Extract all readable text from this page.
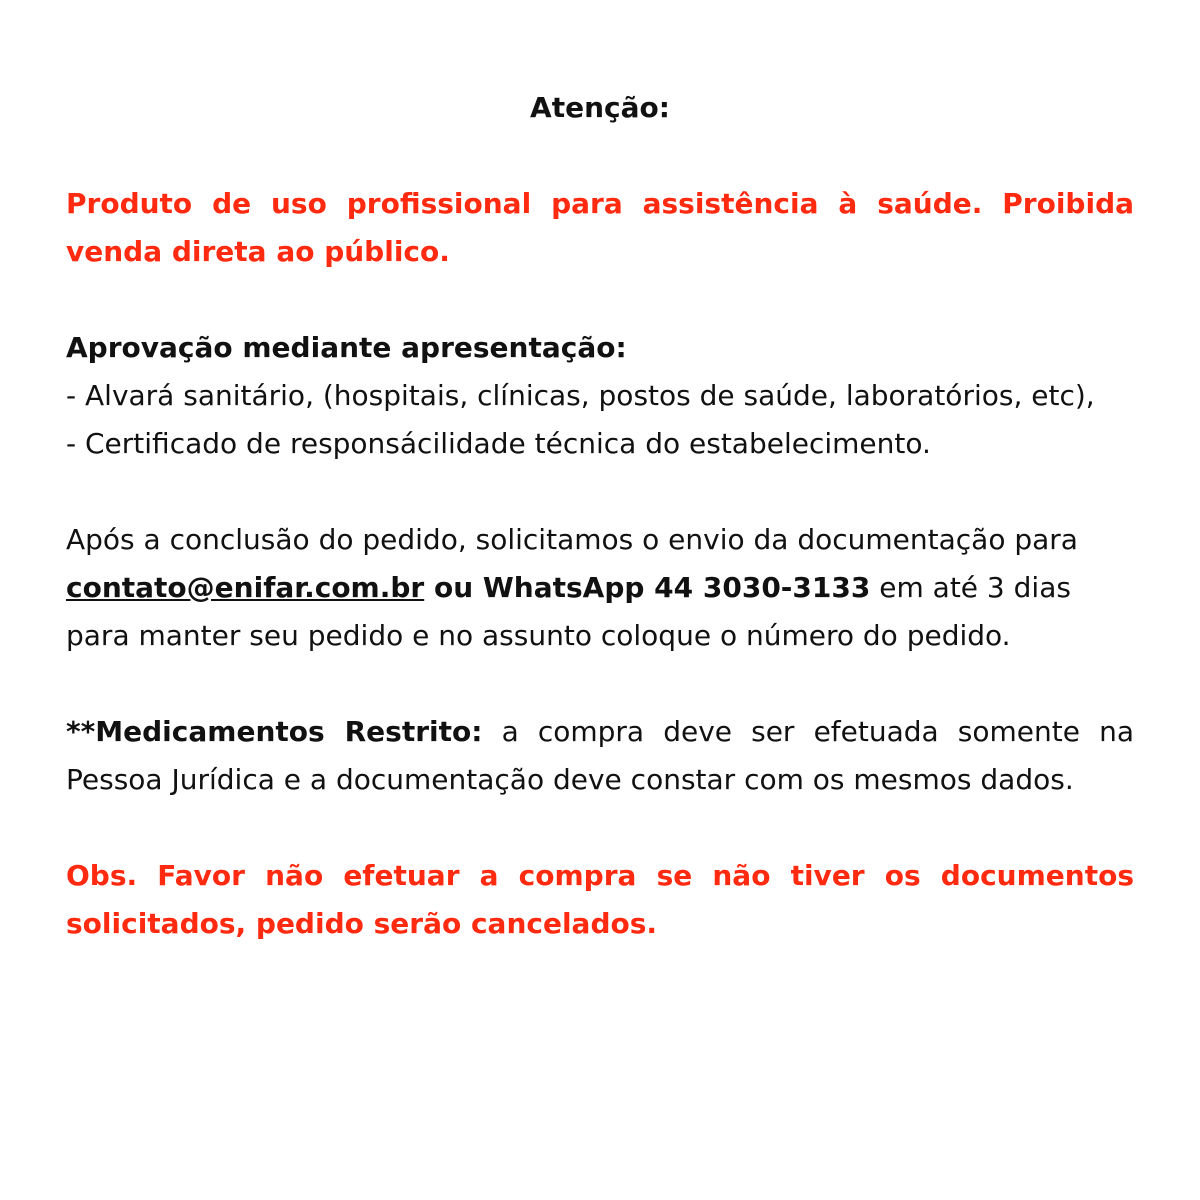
Atenção:

Produto de uso profissional para assistência à saúde. Proibida venda direta ao público.

Aprovação mediante apresentação:

- Alvará sanitário, (hospitais, clínicas, postos de saúde, laboratórios, etc),

- Certificado de responsácilidade técnica do estabelecimento.

Após a conclusão do pedido, solicitamos o envio da documentação para contato@enifar.com.br ou WhatsApp 44 3030-3133 em até 3 dias para manter seu pedido e no assunto coloque o número do pedido.

**Medicamentos Restrito: a compra deve ser efetuada somente na Pessoa Jurídica e a documentação deve constar com os mesmos dados.

Obs. Favor não efetuar a compra se não tiver os documentos solicitados, pedido serão cancelados.
